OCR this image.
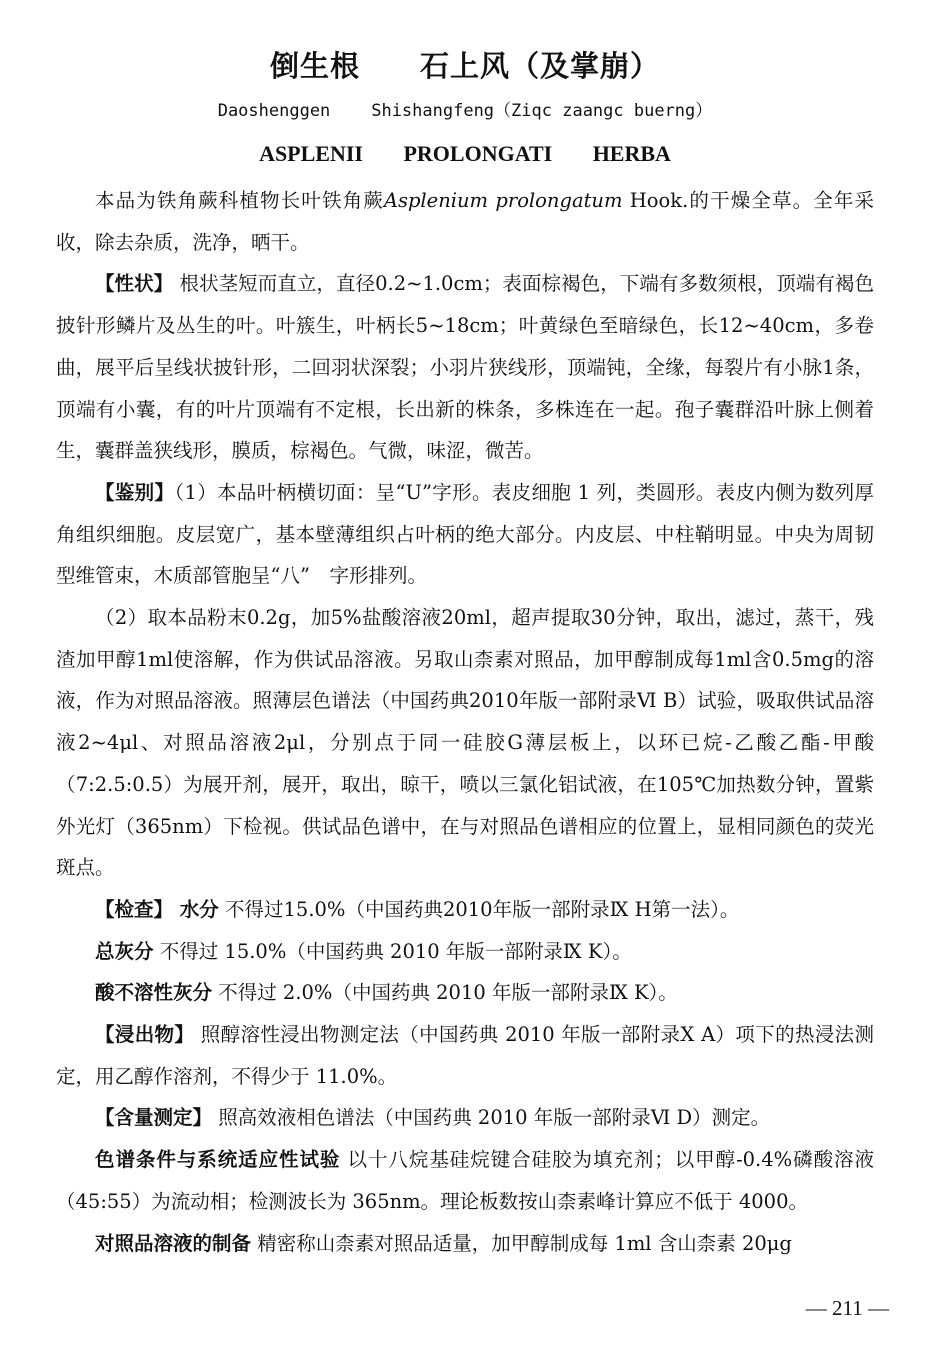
倒生根　　石上风（及掌崩）
Daoshenggen    Shishangfeng（Ziqc zaangc buerng）
ASPLENII   PROLONGATI   HERBA

本品为铁角蕨科植物长叶铁角蕨Asplenium prolongatum Hook.的干燥全草。全年采收，除去杂质，洗净，晒干。

【性状】 根状茎短而直立，直径0.2~1.0cm；表面棕褐色，下端有多数须根，顶端有褐色披针形鳞片及丛生的叶。叶簇生，叶柄长5~18cm；叶黄绿色至暗绿色，长12~40cm，多卷曲，展平后呈线状披针形，二回羽状深裂；小羽片狭线形，顶端钝，全缘，每裂片有小脉1条，顶端有小囊，有的叶片顶端有不定根，长出新的株条，多株连在一起。孢子囊群沿叶脉上侧着生，囊群盖狭线形，膜质，棕褐色。气微，味涩，微苦。

【鉴别】（1）本品叶柄横切面：呈“U”字形。表皮细胞 1 列，类圆形。表皮内侧为数列厚角组织细胞。皮层宽广，基本壁薄组织占叶柄的绝大部分。内皮层、中柱鞘明显。中央为周韧型维管束，木质部管胞呈“八”　字形排列。

（2）取本品粉末0.2g，加5%盐酸溶液20ml，超声提取30分钟，取出，滤过，蒸干，残渣加甲醇1ml使溶解，作为供试品溶液。另取山柰素对照品，加甲醇制成每1ml含0.5mg的溶液，作为对照品溶液。照薄层色谱法（中国药典2010年版一部附录Ⅵ B）试验，吸取供试品溶液2~4μl、对照品溶液2μl，分别点于同一硅胶G薄层板上，以环已烷-乙酸乙酯-甲酸（7:2.5:0.5）为展开剂，展开，取出，晾干，喷以三氯化铝试液，在105℃加热数分钟，置紫外光灯（365nm）下检视。供试品色谱中，在与对照品色谱相应的位置上，显相同颜色的荧光斑点。

【检查】 水分 不得过15.0%（中国药典2010年版一部附录Ⅸ H第一法）。

总灰分 不得过 15.0%（中国药典 2010 年版一部附录Ⅸ K）。

酸不溶性灰分 不得过 2.0%（中国药典 2010 年版一部附录Ⅸ K）。

【浸出物】 照醇溶性浸出物测定法（中国药典 2010 年版一部附录Ⅹ A）项下的热浸法测定，用乙醇作溶剂，不得少于 11.0%。

【含量测定】 照高效液相色谱法（中国药典 2010 年版一部附录Ⅵ D）测定。

色谱条件与系统适应性试验 以十八烷基硅烷键合硅胶为填充剂；以甲醇-0.4%磷酸溶液（45:55）为流动相；检测波长为 365nm。理论板数按山柰素峰计算应不低于 4000。

对照品溶液的制备 精密称山柰素对照品适量，加甲醇制成每 1ml 含山柰素 20μg

— 211 —
